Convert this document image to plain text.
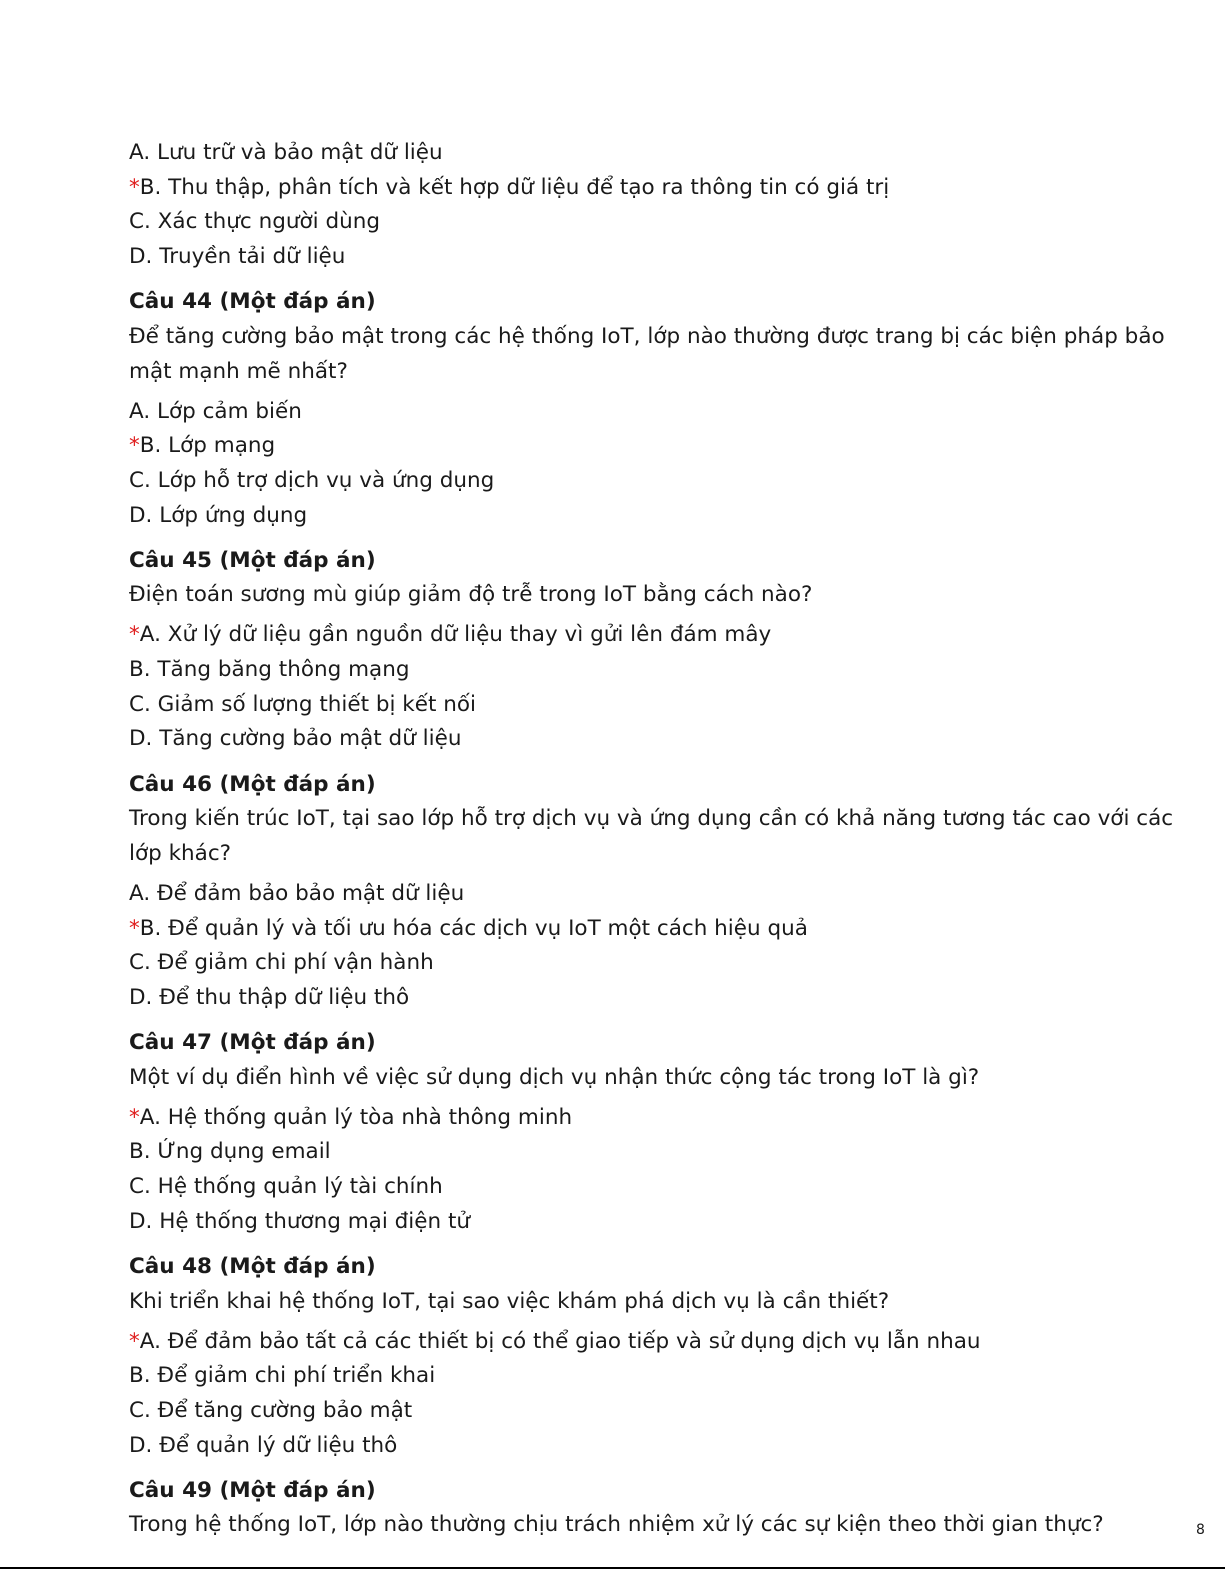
A. Lưu trữ và bảo mật dữ liệu
*B. Thu thập, phân tích và kết hợp dữ liệu để tạo ra thông tin có giá trị
C. Xác thực người dùng
D. Truyền tải dữ liệu
Câu 44 (Một đáp án)
Để tăng cường bảo mật trong các hệ thống IoT, lớp nào thường được trang bị các biện pháp bảo mật mạnh mẽ nhất?
A. Lớp cảm biến
*B. Lớp mạng
C. Lớp hỗ trợ dịch vụ và ứng dụng
D. Lớp ứng dụng
Câu 45 (Một đáp án)
Điện toán sương mù giúp giảm độ trễ trong IoT bằng cách nào?
*A. Xử lý dữ liệu gần nguồn dữ liệu thay vì gửi lên đám mây
B. Tăng băng thông mạng
C. Giảm số lượng thiết bị kết nối
D. Tăng cường bảo mật dữ liệu
Câu 46 (Một đáp án)
Trong kiến trúc IoT, tại sao lớp hỗ trợ dịch vụ và ứng dụng cần có khả năng tương tác cao với các lớp khác?
A. Để đảm bảo bảo mật dữ liệu
*B. Để quản lý và tối ưu hóa các dịch vụ IoT một cách hiệu quả
C. Để giảm chi phí vận hành
D. Để thu thập dữ liệu thô
Câu 47 (Một đáp án)
Một ví dụ điển hình về việc sử dụng dịch vụ nhận thức cộng tác trong IoT là gì?
*A. Hệ thống quản lý tòa nhà thông minh
B. Ứng dụng email
C. Hệ thống quản lý tài chính
D. Hệ thống thương mại điện tử
Câu 48 (Một đáp án)
Khi triển khai hệ thống IoT, tại sao việc khám phá dịch vụ là cần thiết?
*A. Để đảm bảo tất cả các thiết bị có thể giao tiếp và sử dụng dịch vụ lẫn nhau
B. Để giảm chi phí triển khai
C. Để tăng cường bảo mật
D. Để quản lý dữ liệu thô
Câu 49 (Một đáp án)
Trong hệ thống IoT, lớp nào thường chịu trách nhiệm xử lý các sự kiện theo thời gian thực?	8
